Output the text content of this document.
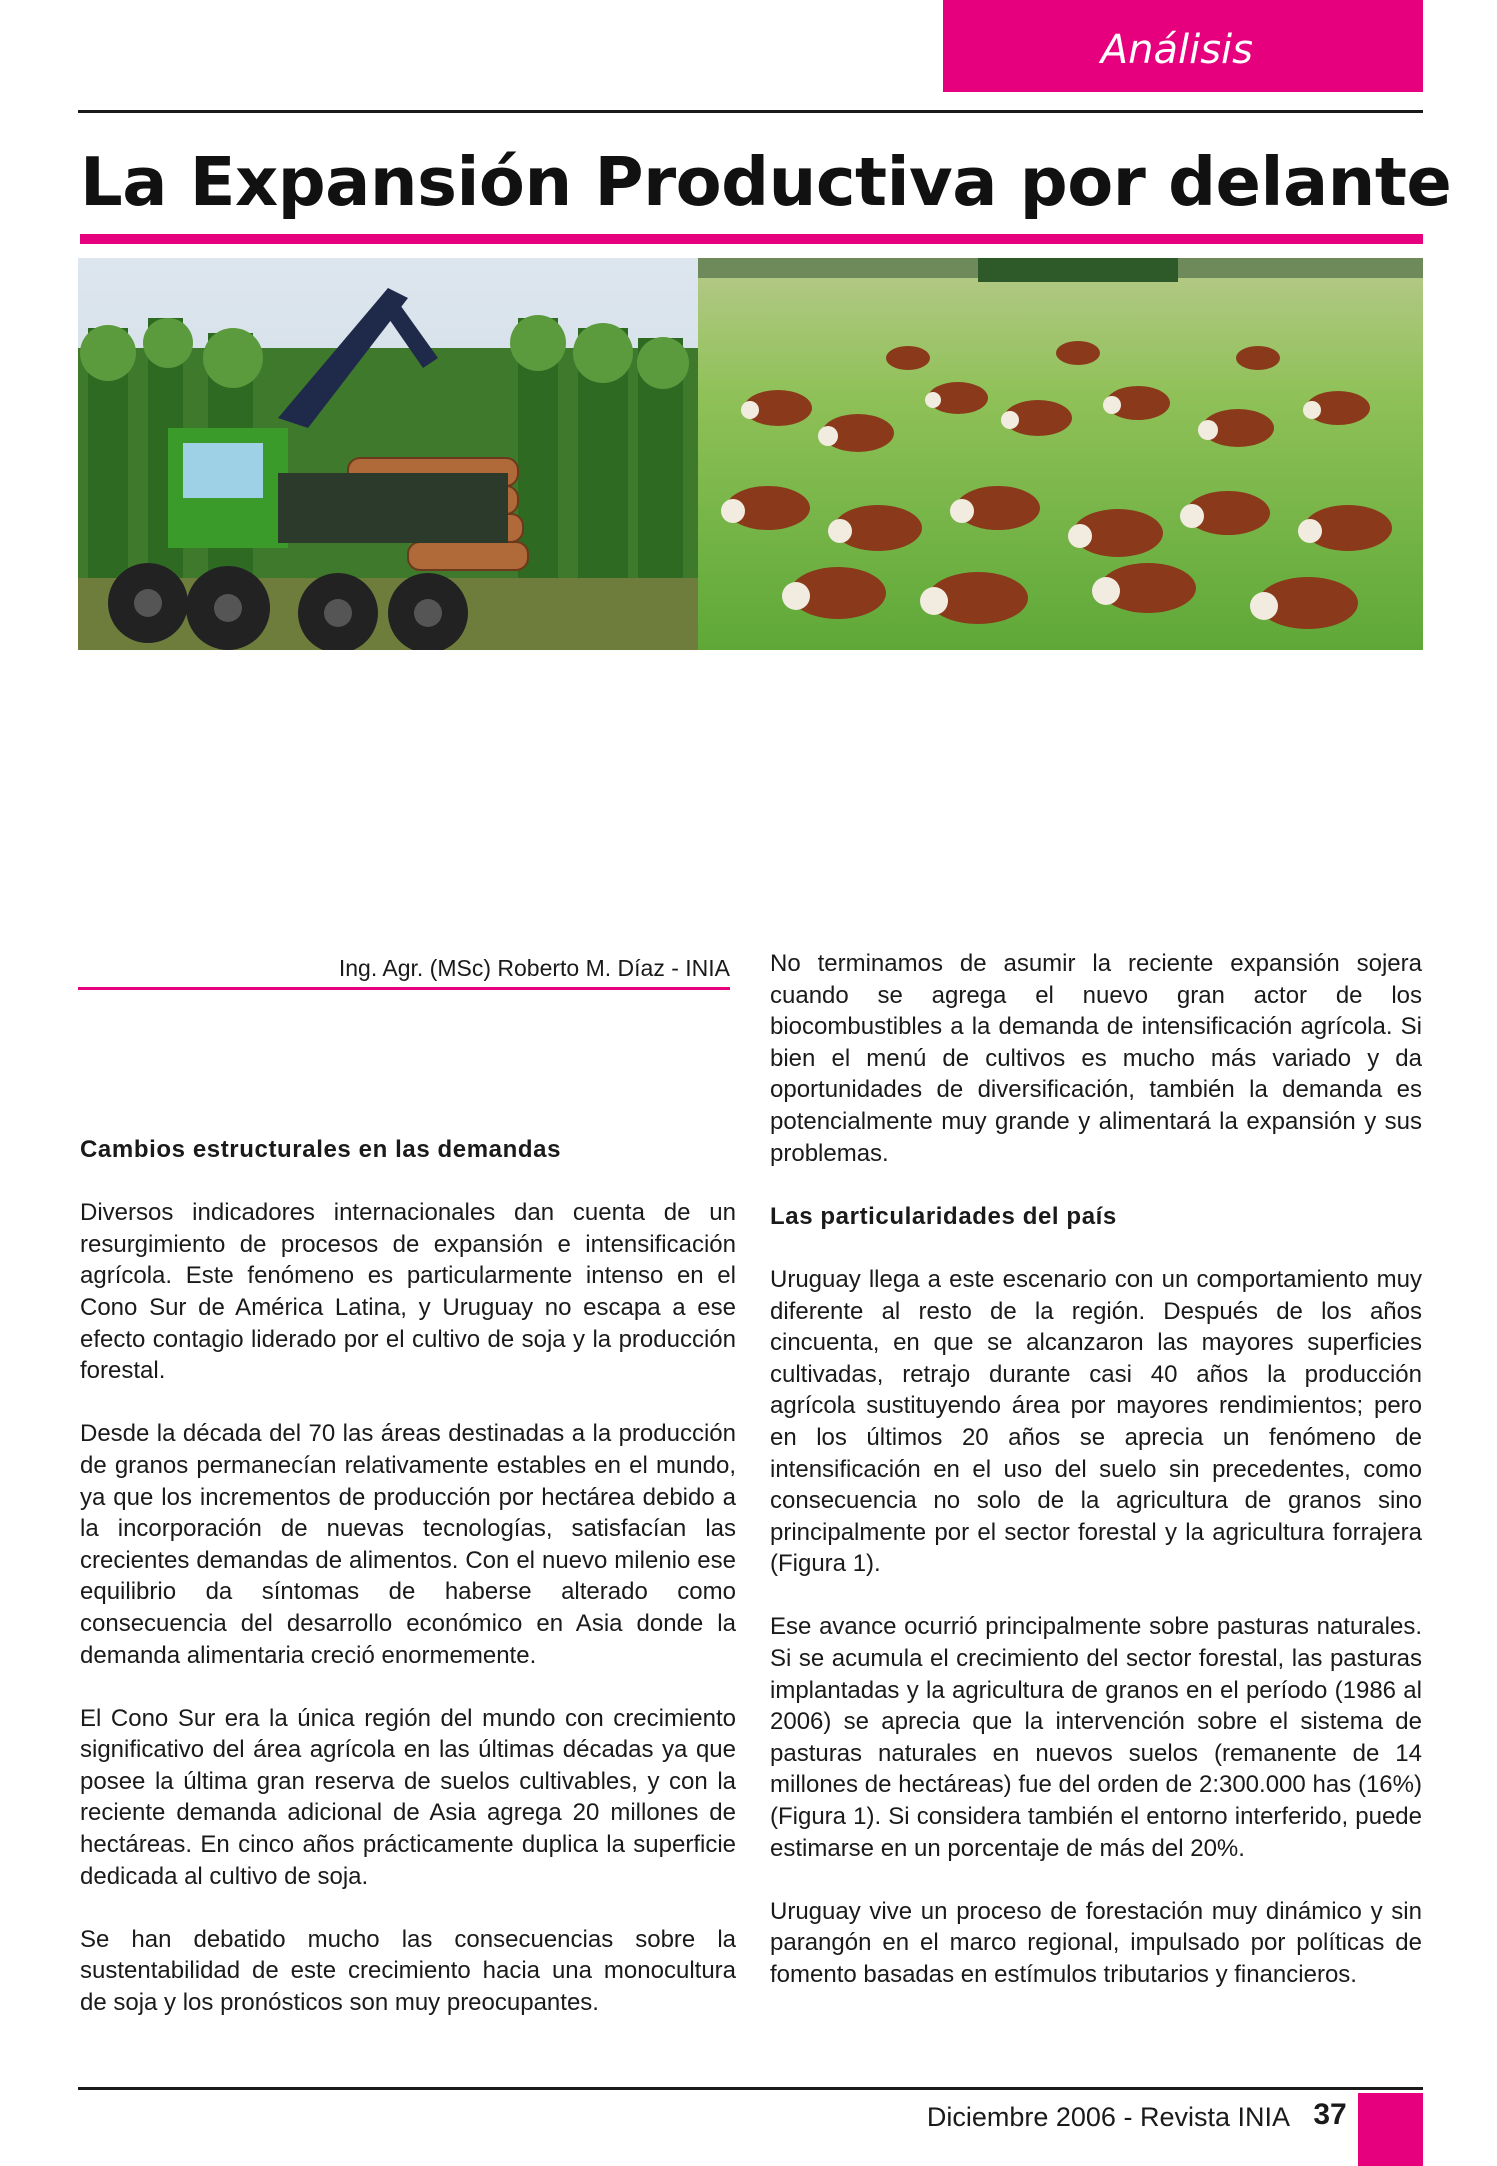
Análisis
La Expansión Productiva por delante
Ing. Agr. (MSc) Roberto M. Díaz - INIA
Cambios estructurales en las demandas

Diversos indicadores internacionales dan cuenta de un resurgimiento de procesos de expansión e intensificación agrícola. Este fenómeno es particularmente intenso en el Cono Sur de América Latina, y Uruguay no escapa a ese efecto contagio liderado por el cultivo de soja y la producción forestal.

Desde la década del 70 las áreas destinadas a la producción de granos permanecían relativamente estables en el mundo, ya que los incrementos de producción por hectárea debido a la incorporación de nuevas tecnologías, satisfacían las crecientes demandas de alimentos. Con el nuevo milenio ese equilibrio da síntomas de haberse alterado como consecuencia del desarrollo económico en Asia donde la demanda alimentaria creció enormemente.

El Cono Sur era la única región del mundo con crecimiento significativo del área agrícola en las últimas décadas ya que posee la última gran reserva de suelos cultivables, y con la reciente demanda adicional de Asia agrega 20 millones de hectáreas. En cinco años prácticamente duplica la superficie dedicada al cultivo de soja.

Se han debatido mucho las consecuencias sobre la sustentabilidad de este crecimiento hacia una monocultura de soja y los pronósticos son muy preocupantes.

No terminamos de asumir la reciente expansión sojera cuando se agrega el nuevo gran actor de los biocombustibles a la demanda de intensificación agrícola. Si bien el menú de cultivos es mucho más variado y da oportunidades de diversificación, también la demanda es potencialmente muy grande y alimentará la expansión y sus problemas.

Las particularidades del país

Uruguay llega a este escenario con un comportamiento muy diferente al resto de la región. Después de los años cincuenta, en que se alcanzaron las mayores superficies cultivadas, retrajo durante casi 40 años la producción agrícola sustituyendo área por mayores rendimientos; pero en los últimos 20 años se aprecia un fenómeno de intensificación en el uso del suelo sin precedentes, como consecuencia no solo de la agricultura de granos sino principalmente por el sector forestal y la agricultura forrajera (Figura 1).

Ese avance ocurrió principalmente sobre pasturas naturales. Si se acumula el crecimiento del sector forestal, las pasturas implantadas y la agricultura de granos en el período (1986 al 2006) se aprecia que la intervención sobre el sistema de pasturas naturales en nuevos suelos (remanente de 14 millones de hectáreas) fue del orden de 2:300.000 has (16%) (Figura 1). Si considera también el entorno interferido, puede estimarse en un porcentaje de más del 20%.

Uruguay vive un proceso de forestación muy dinámico y sin parangón en el marco regional, impulsado por políticas de fomento basadas en estímulos tributarios y financieros.

Diciembre 2006 - Revista INIA 37
